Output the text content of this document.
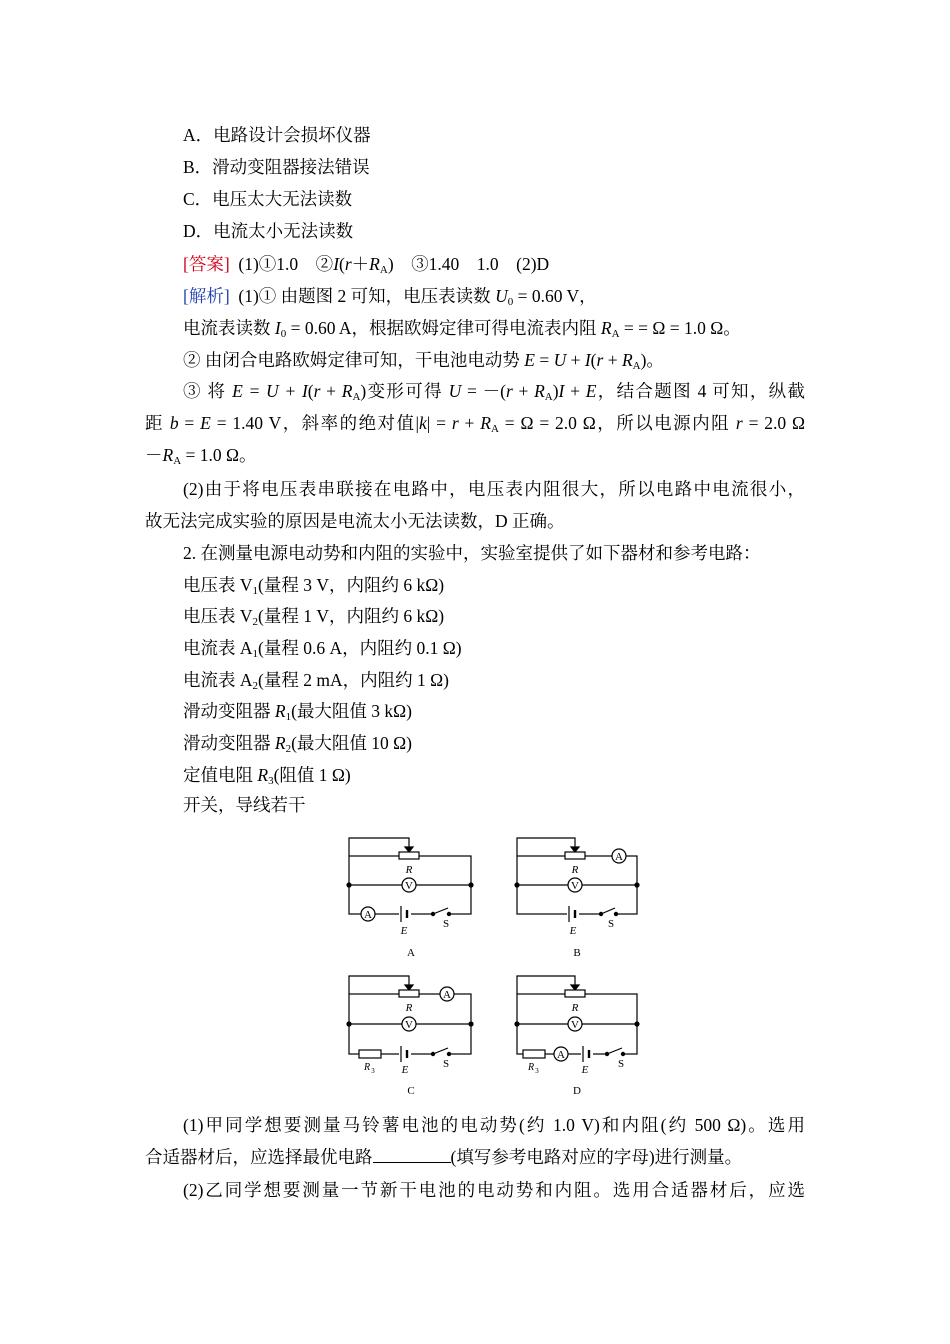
A．电路设计会损坏仪器
B．滑动变阻器接法错误
C．电压太大无法读数
D．电流太小无法读数
[答案] (1)①1.0　$②I(r+R_A)$　③1.40　1.0　(2)D
[解析] (1)① 由题图 2 可知，电压表读数 $U_0 = 0.60$ V，
电流表读数 $I_0 = 0.60$ A，根据欧姆定律可得电流表内阻 $R_A$ = = Ω = 1.0 Ω。
② 由闭合电路欧姆定律可知，干电池电动势 $E = U + I(r + R_A)$。
③ 将 $E = U + I(r + R_A)$变形可得 $U = -(r + R_A)I + E$，结合题图 4 可知，纵截
距 b = E = 1.40 V，斜率的绝对值$|k| = r + R_A = \Omega = 2.0$ Ω，所以电源内阻 r = 2.0 Ω
$-R_A = 1.0$ Ω。
(2)由于将电压表串联接在电路中，电压表内阻很大，所以电路中电流很小，
故无法完成实验的原因是电流太小无法读数，D 正确。
2. 在测量电源电动势和内阻的实验中，实验室提供了如下器材和参考电路：
电压表 $V_1$(量程 3 V，内阻约 6 kΩ)
电压表 $V_2$(量程 1 V，内阻约 6 kΩ)
电流表 $A_1$(量程 0.6 A，内阻约 0.1 Ω)
电流表 $A_2$(量程 2 mA，内阻约 1 Ω)
滑动变阻器 $R_1$(最大阻值 3 kΩ)
滑动变阻器 $R_2$(最大阻值 10 Ω)
定值电阻 $R_3$(阻值 1 Ω)
开关，导线若干
R
V
A
E
S
A
R
A
V
E
S
B
R
A
V
R 3 E	S
C
R
V
A
R 3	E	S
D
(1)甲同学想要测量马铃薯电池的电动势(约 1.0 V)和内阻(约 500 Ω)。选用
合适器材后，应选择最优电路	(填写参考电路对应的字母)进行测量。
(2)乙同学想要测量一节新干电池的电动势和内阻。选用合适器材后，应选
